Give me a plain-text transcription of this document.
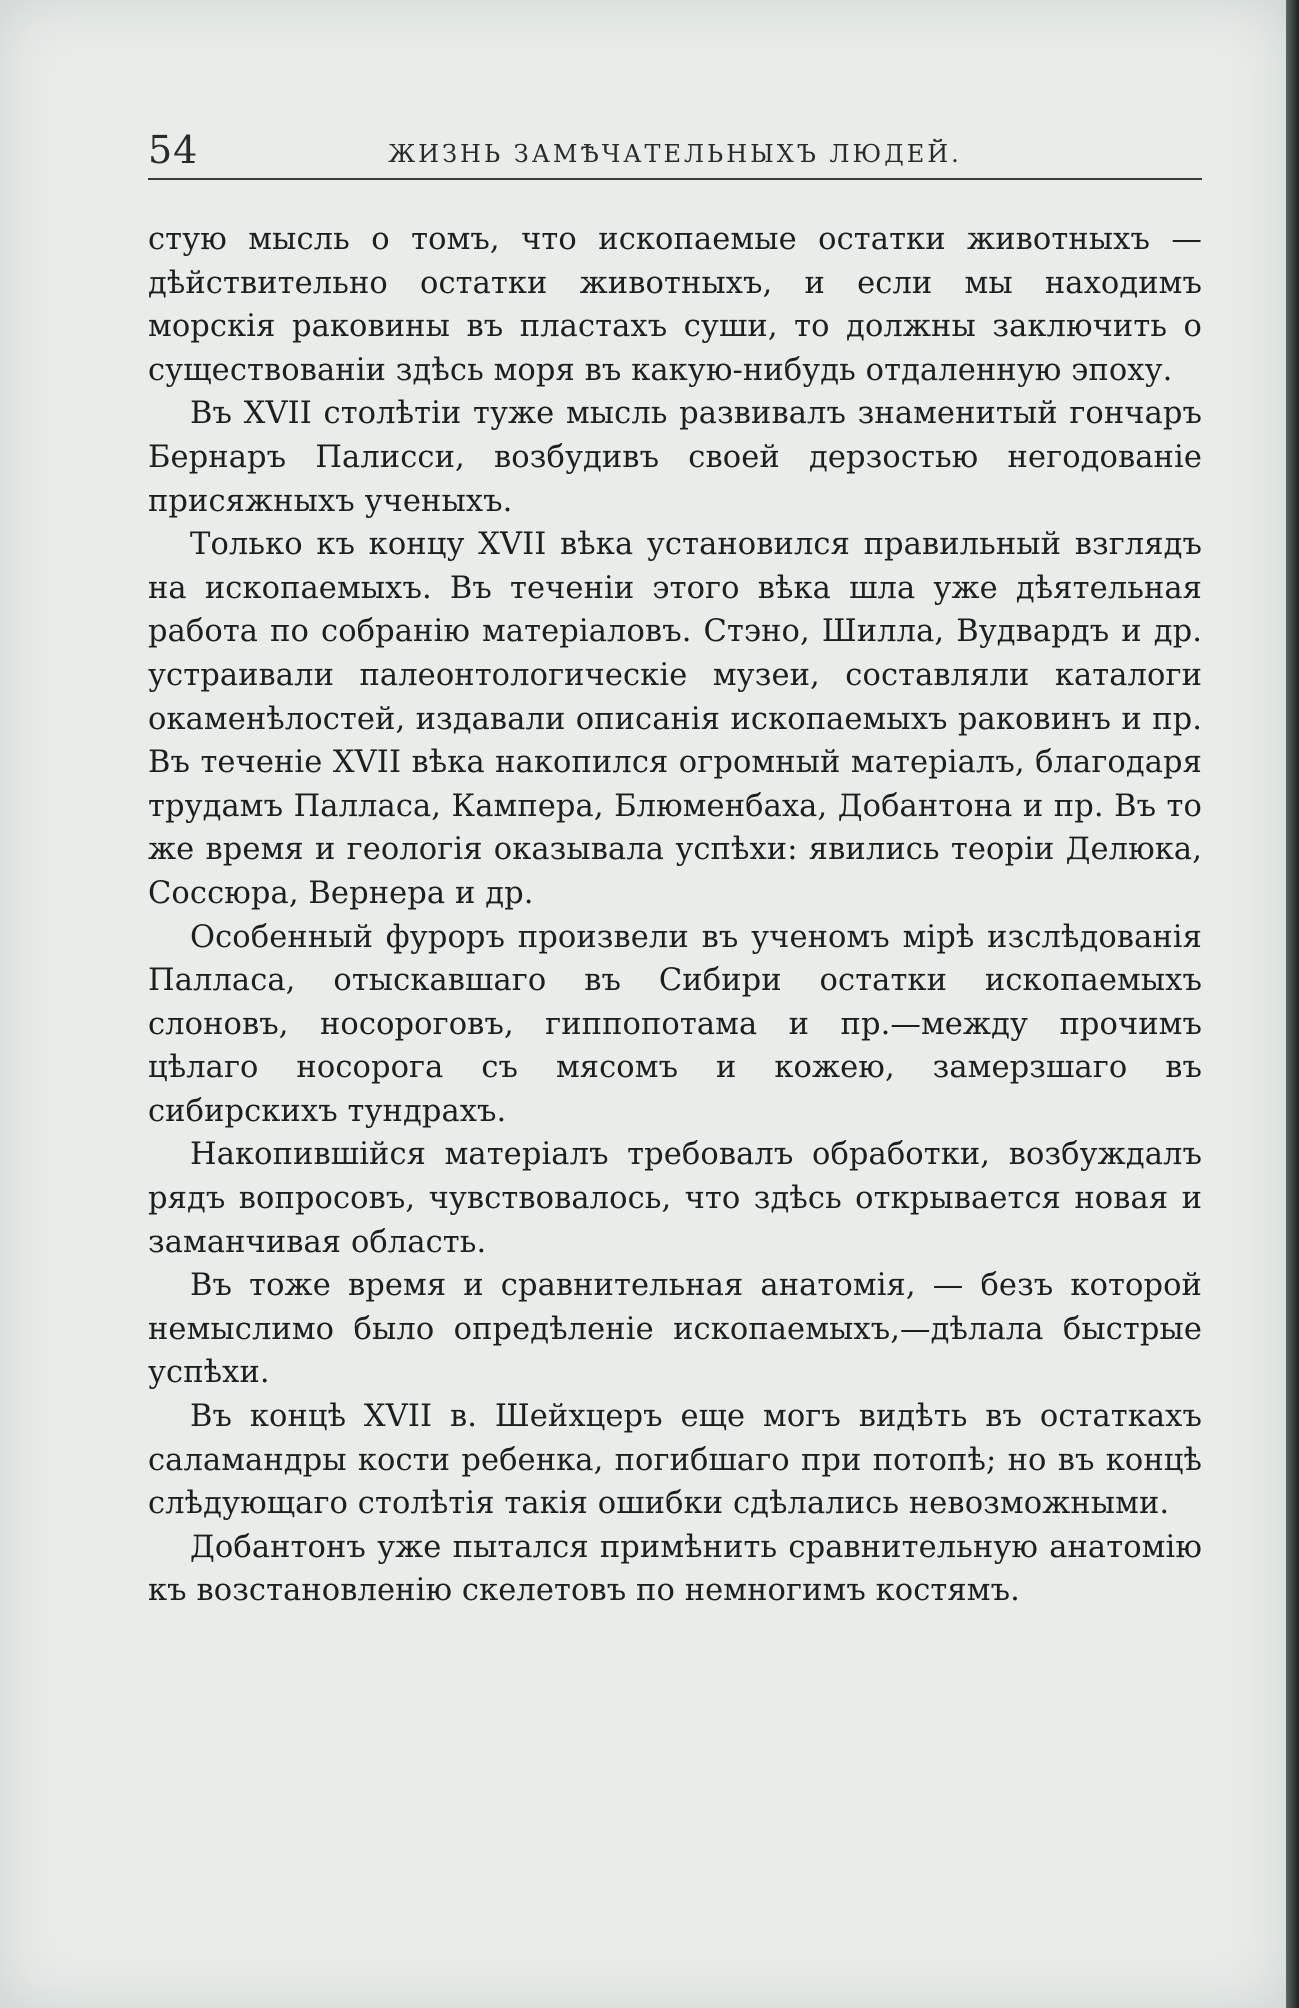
54	ЖИЗНЬ ЗАМѢЧАТЕЛЬНЫХЪ ЛЮДЕЙ.

стую мысль о томъ, что ископаемые остатки животныхъ — дѣйствительно остатки животныхъ, и если мы находимъ морскія раковины въ пластахъ суши, то должны заключить о существованіи здѣсь моря въ какую-нибудь отдаленную эпоху.

Въ XVII столѣтіи туже мысль развивалъ знаменитый гончаръ Бернаръ Палисси, возбудивъ своей дерзостью негодованіе присяжныхъ ученыхъ.

Только къ концу XVII вѣка установился правильный взглядъ на ископаемыхъ. Въ теченіи этого вѣка шла уже дѣятельная работа по собранію матеріаловъ. Стэно, Шилла, Вудвардъ и др. устраивали палеонтологическіе музеи, составляли каталоги окаменѣлостей, издавали описанія ископаемыхъ раковинъ и пр. Въ теченіе XVII вѣка накопился огромный матеріалъ, благодаря трудамъ Палласа, Кампера, Блюменбаха, Добантона и пр. Въ то же время и геологія оказывала успѣхи: явились теоріи Делюка, Соссюра, Вернера и др.

Особенный фуроръ произвели въ ученомъ мірѣ изслѣдованія Палласа, отыскавшаго въ Сибири остатки ископаемыхъ слоновъ, носороговъ, гиппопотама и пр.—между прочимъ цѣлаго носорога съ мясомъ и кожею, замерзшаго въ сибирскихъ тундрахъ.

Накопившійся матеріалъ требовалъ обработки, возбуждалъ рядъ вопросовъ, чувствовалось, что здѣсь открывается новая и заманчивая область.

Въ тоже время и сравнительная анатомія, — безъ которой немыслимо было опредѣленіе ископаемыхъ,—дѣлала быстрые успѣхи.

Въ концѣ XVII в. Шейхцеръ еще могъ видѣть въ остаткахъ саламандры кости ребенка, погибшаго при потопѣ; но въ концѣ слѣдующаго столѣтія такія ошибки сдѣлались невозможными.

Добантонъ уже пытался примѣнить сравнительную анатомію къ возстановленію скелетовъ по немногимъ костямъ.
